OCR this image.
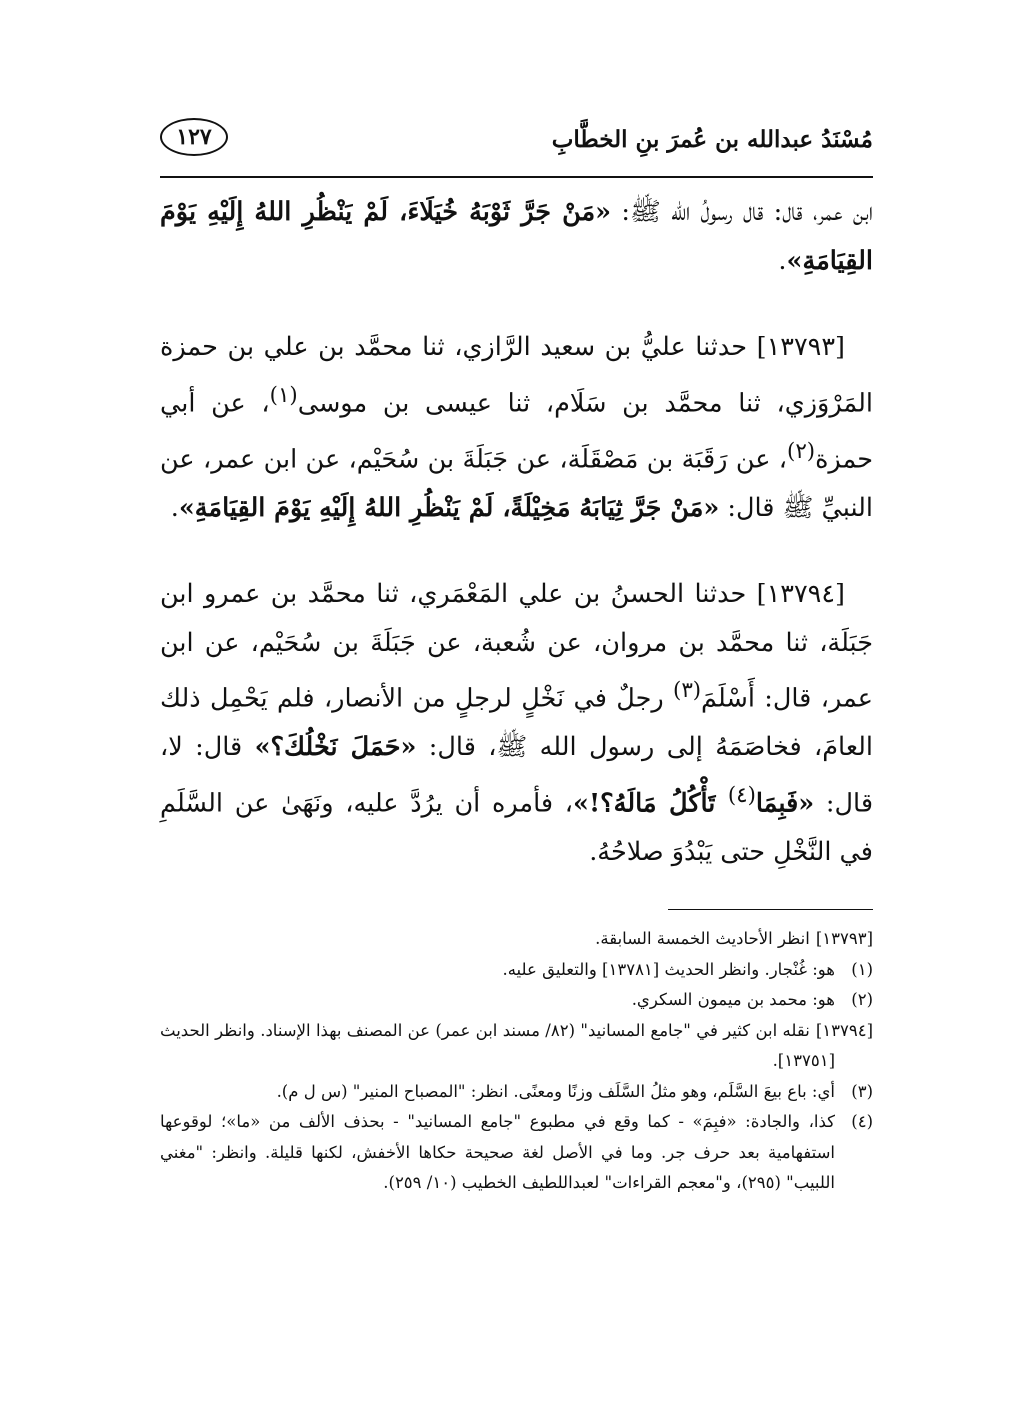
مُسْنَدُ عبدالله بن عُمرَ بنِ الخطَّابِ
١٢٧

ابن عمر، قال: قال رسولُ الله ﷺ: «مَنْ جَرَّ ثَوْبَهُ خُيَلَاءَ، لَمْ يَنْظُرِ اللهُ إِلَيْهِ يَوْمَ القِيَامَةِ».

[١٣٧٩٣] حدثنا عليُّ بن سعيد الرَّازي، ثنا محمَّد بن علي بن حمزة المَرْوَزي، ثنا محمَّد بن سَلَام، ثنا عيسى بن موسى$^{(١)}$، عن أبي حمزة$^{(٢)}$، عن رَقَبَة بن مَصْقَلَة، عن جَبَلَةَ بن سُحَيْم، عن ابن عمر، عن النبيِّ ﷺ قال: «مَنْ جَرَّ ثِيَابَهُ مَخِيْلَةً، لَمْ يَنْظُرِ اللهُ إِلَيْهِ يَوْمَ القِيَامَةِ».

[١٣٧٩٤] حدثنا الحسنُ بن علي المَعْمَري، ثنا محمَّد بن عمرو ابن جَبَلَة، ثنا محمَّد بن مروان، عن شُعبة، عن جَبَلَةَ بن سُحَيْم، عن ابن عمر، قال: أَسْلَمَ$^{(٣)}$ رجلٌ في نَخْلٍ لرجلٍ من الأنصار، فلم يَحْمِل ذلك العامَ، فخاصَمَهُ إلى رسول الله ﷺ، قال: «حَمَلَ نَخْلُكَ؟» قال: لا، قال: «فَبِمَا$^{(٤)}$ تَأْكُلُ مَالَهُ؟!»، فأمره أن يرُدَّ عليه، ونَهَىٰ عن السَّلَمِ في النَّخْلِ حتى يَبْدُوَ صلاحُهُ.

[١٣٧٩٣]انظر الأحاديث الخمسة السابقة.

(١)هو: غُنْجار. وانظر الحديث [١٣٧٨١] والتعليق عليه.

(٢)هو: محمد بن ميمون السكري.

[١٣٧٩٤]نقله ابن كثير في "جامع المسانيد" (٨٢/ مسند ابن عمر) عن المصنف بهذا الإسناد. وانظر الحديث [١٣٧٥١].

(٣)أي: باع بيعَ السَّلَم، وهو مثلُ السَّلَف وزنًا ومعنًى. انظر: "المصباح المنير" (س ل م).

(٤)كذا، والجادة: «فبِمَ» - كما وقع في مطبوع "جامع المسانيد" - بحذف الألف من «ما»؛ لوقوعها استفهامية بعد حرف جر. وما في الأصل لغة صحيحة حكاها الأخفش، لكنها قليلة. وانظر: "مغني اللبيب" (٢٩٥)، و"معجم القراءات" لعبداللطيف الخطيب (١٠/ ٢٥٩).
